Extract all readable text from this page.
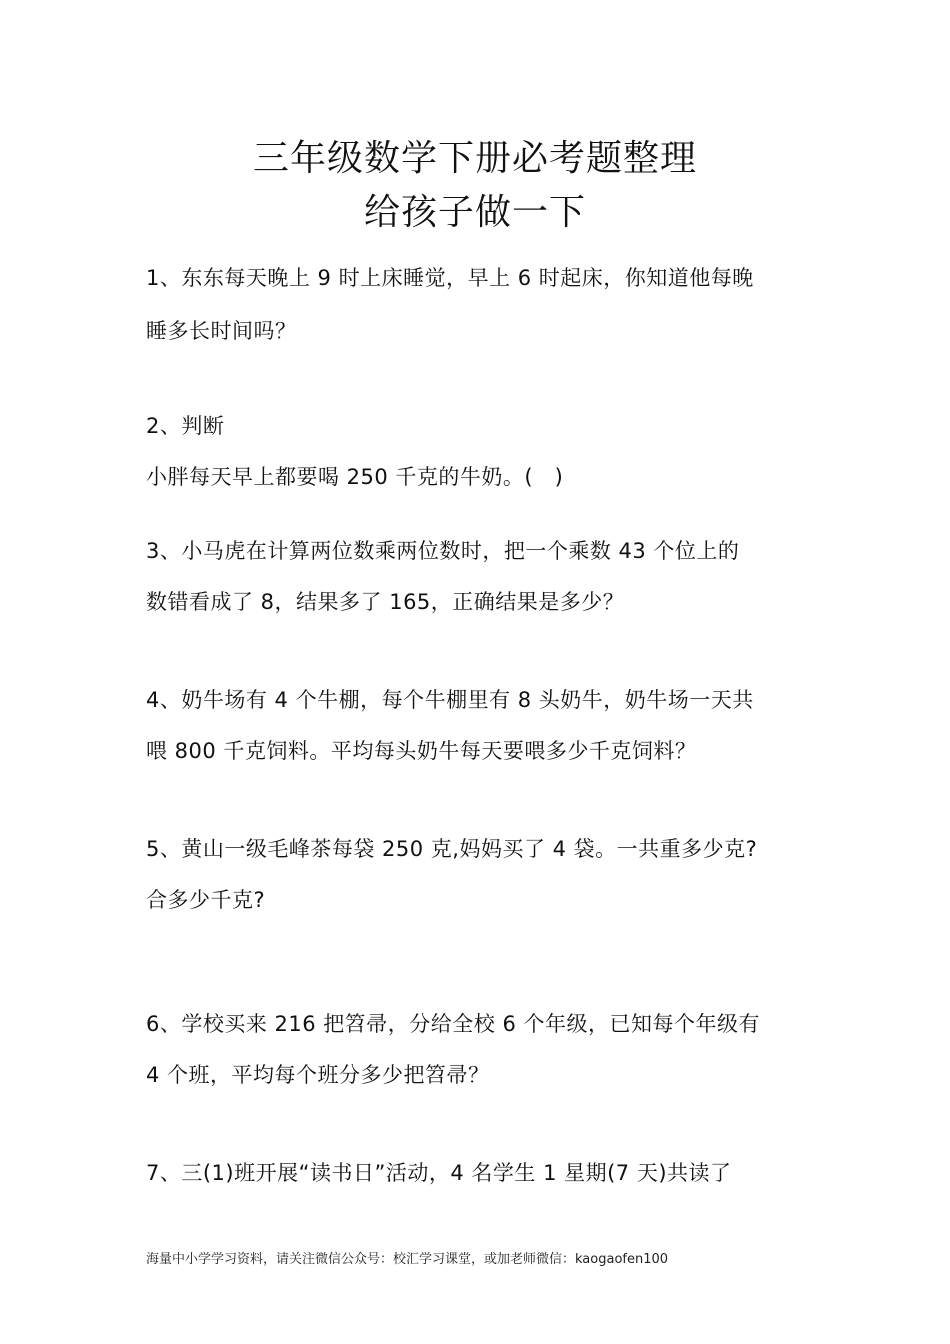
三年级数学下册必考题整理
给孩子做一下
1、东东每天晚上 9 时上床睡觉，早上 6 时起床，你知道他每晚
睡多长时间吗？
2、判断
小胖每天早上都要喝 250 千克的牛奶。(　)
3、小马虎在计算两位数乘两位数时，把一个乘数 43 个位上的
数错看成了 8，结果多了 165，正确结果是多少？
4、奶牛场有 4 个牛棚，每个牛棚里有 8 头奶牛，奶牛场一天共
喂 800 千克饲料。平均每头奶牛每天要喂多少千克饲料？
5、黄山一级毛峰茶每袋 250 克,妈妈买了 4 袋。一共重多少克?
合多少千克?
6、学校买来 216 把笤帚，分给全校 6 个年级，已知每个年级有
4 个班，平均每个班分多少把笤帚？
7、三(1)班开展“读书日”活动，4 名学生 1 星期(7 天)共读了
海量中小学学习资料，请关注微信公众号：校汇学习课堂，或加老师微信：kaogaofen100
